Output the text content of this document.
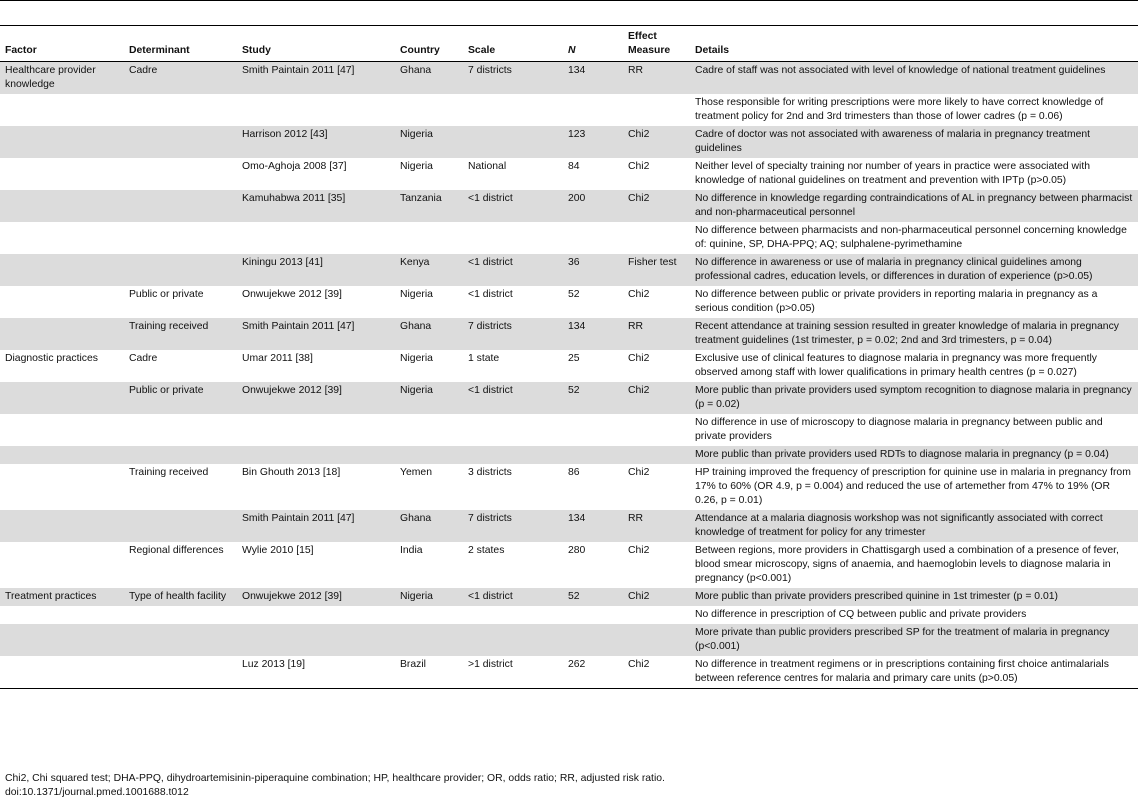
Factor	Determinant	Study	Country	Scale	N	Effect Measure	Details
Healthcare provider knowledge	Cadre	Smith Paintain 2011 [47]	Ghana	7 districts	134	RR	Cadre of staff was not associated with level of knowledge of national treatment guidelines
							Those responsible for writing prescriptions were more likely to have correct knowledge of treatment policy for 2nd and 3rd trimesters than those of lower cadres (p = 0.06)
		Harrison 2012 [43]	Nigeria		123	Chi2	Cadre of doctor was not associated with awareness of malaria in pregnancy treatment guidelines
		Omo-Aghoja 2008 [37]	Nigeria	National	84	Chi2	Neither level of specialty training nor number of years in practice were associated with knowledge of national guidelines on treatment and prevention with IPTp (p>0.05)
		Kamuhabwa 2011 [35]	Tanzania	<1 district	200	Chi2	No difference in knowledge regarding contraindications of AL in pregnancy between pharmacist and non-pharmaceutical personnel
							No difference between pharmacists and non-pharmaceutical personnel concerning knowledge of: quinine, SP, DHA-PPQ; AQ; sulphalene-pyrimethamine
		Kiningu 2013 [41]	Kenya	<1 district	36	Fisher test	No difference in awareness or use of malaria in pregnancy clinical guidelines among professional cadres, education levels, or differences in duration of experience (p>0.05)
	Public or private	Onwujekwe 2012 [39]	Nigeria	<1 district	52	Chi2	No difference between public or private providers in reporting malaria in pregnancy as a serious condition (p>0.05)
	Training received	Smith Paintain 2011 [47]	Ghana	7 districts	134	RR	Recent attendance at training session resulted in greater knowledge of malaria in pregnancy treatment guidelines (1st trimester, p = 0.02; 2nd and 3rd trimesters, p = 0.04)
Diagnostic practices	Cadre	Umar 2011 [38]	Nigeria	1 state	25	Chi2	Exclusive use of clinical features to diagnose malaria in pregnancy was more frequently observed among staff with lower qualifications in primary health centres (p = 0.027)
	Public or private	Onwujekwe 2012 [39]	Nigeria	<1 district	52	Chi2	More public than private providers used symptom recognition to diagnose malaria in pregnancy (p = 0.02)
							No difference in use of microscopy to diagnose malaria in pregnancy between public and private providers
							More public than private providers used RDTs to diagnose malaria in pregnancy (p = 0.04)
	Training received	Bin Ghouth 2013 [18]	Yemen	3 districts	86	Chi2	HP training improved the frequency of prescription for quinine use in malaria in pregnancy from 17% to 60% (OR 4.9, p = 0.004) and reduced the use of artemether from 47% to 19% (OR 0.26, p = 0.01)
		Smith Paintain 2011 [47]	Ghana	7 districts	134	RR	Attendance at a malaria diagnosis workshop was not significantly associated with correct knowledge of treatment for policy for any trimester
	Regional differences	Wylie 2010 [15]	India	2 states	280	Chi2	Between regions, more providers in Chattisgargh used a combination of a presence of fever, blood smear microscopy, signs of anaemia, and haemoglobin levels to diagnose malaria in pregnancy (p<0.001)
Treatment practices	Type of health facility	Onwujekwe 2012 [39]	Nigeria	<1 district	52	Chi2	More public than private providers prescribed quinine in 1st trimester (p = 0.01)
							No difference in prescription of CQ between public and private providers
							More private than public providers prescribed SP for the treatment of malaria in pregnancy (p<0.001)
		Luz 2013 [19]	Brazil	>1 district	262	Chi2	No difference in treatment regimens or in prescriptions containing first choice antimalarials between reference centres for malaria and primary care units (p>0.05)
Chi2, Chi squared test; DHA-PPQ, dihydroartemisinin-piperaquine combination; HP, healthcare provider; OR, odds ratio; RR, adjusted risk ratio.
doi:10.1371/journal.pmed.1001688.t012
